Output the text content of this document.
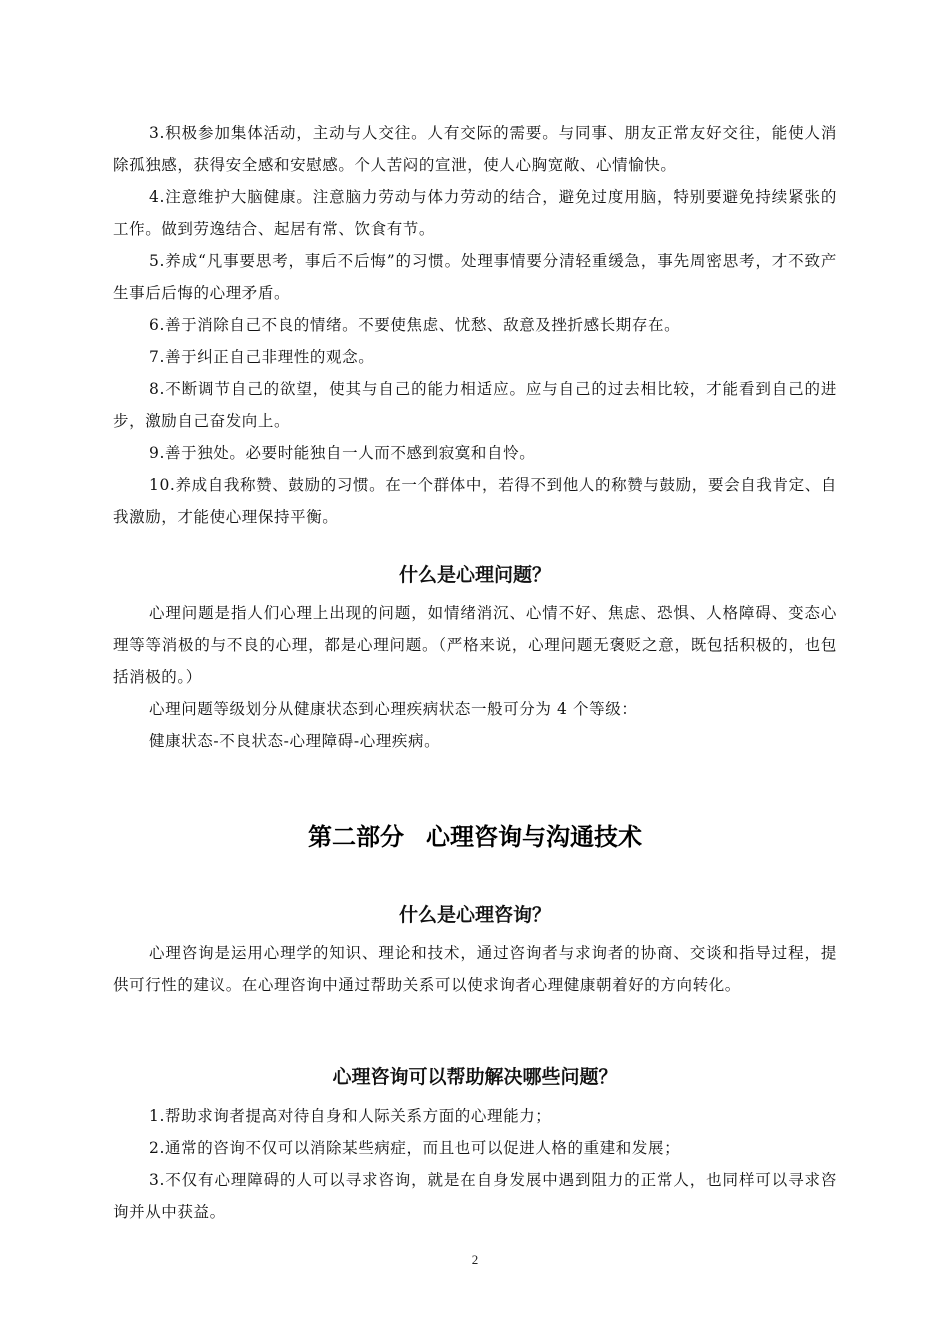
3.积极参加集体活动，主动与人交往。人有交际的需要。与同事、朋友正常友好交往，能使人消除孤独感，获得安全感和安慰感。个人苦闷的宣泄，使人心胸宽敞、心情愉快。

4.注意维护大脑健康。注意脑力劳动与体力劳动的结合，避免过度用脑，特别要避免持续紧张的工作。做到劳逸结合、起居有常、饮食有节。

5.养成“凡事要思考，事后不后悔”的习惯。处理事情要分清轻重缓急，事先周密思考，才不致产生事后后悔的心理矛盾。

6.善于消除自己不良的情绪。不要使焦虑、忧愁、敌意及挫折感长期存在。

7.善于纠正自己非理性的观念。

8.不断调节自己的欲望，使其与自己的能力相适应。应与自己的过去相比较，才能看到自己的进步，激励自己奋发向上。

9.善于独处。必要时能独自一人而不感到寂寞和自怜。

10.养成自我称赞、鼓励的习惯。在一个群体中，若得不到他人的称赞与鼓励，要会自我肯定、自我激励，才能使心理保持平衡。

什么是心理问题？

心理问题是指人们心理上出现的问题，如情绪消沉、心情不好、焦虑、恐惧、人格障碍、变态心理等等消极的与不良的心理，都是心理问题。（严格来说，心理问题无褒贬之意，既包括积极的，也包括消极的。）

心理问题等级划分从健康状态到心理疾病状态一般可分为 4 个等级：

健康状态-不良状态-心理障碍-心理疾病。

第二部分 心理咨询与沟通技术
什么是心理咨询？

心理咨询是运用心理学的知识、理论和技术，通过咨询者与求询者的协商、交谈和指导过程，提供可行性的建议。在心理咨询中通过帮助关系可以使求询者心理健康朝着好的方向转化。

心理咨询可以帮助解决哪些问题？

1.帮助求询者提高对待自身和人际关系方面的心理能力；

2.通常的咨询不仅可以消除某些病症，而且也可以促进人格的重建和发展；

3.不仅有心理障碍的人可以寻求咨询，就是在自身发展中遇到阻力的正常人，也同样可以寻求咨询并从中获益。

2
